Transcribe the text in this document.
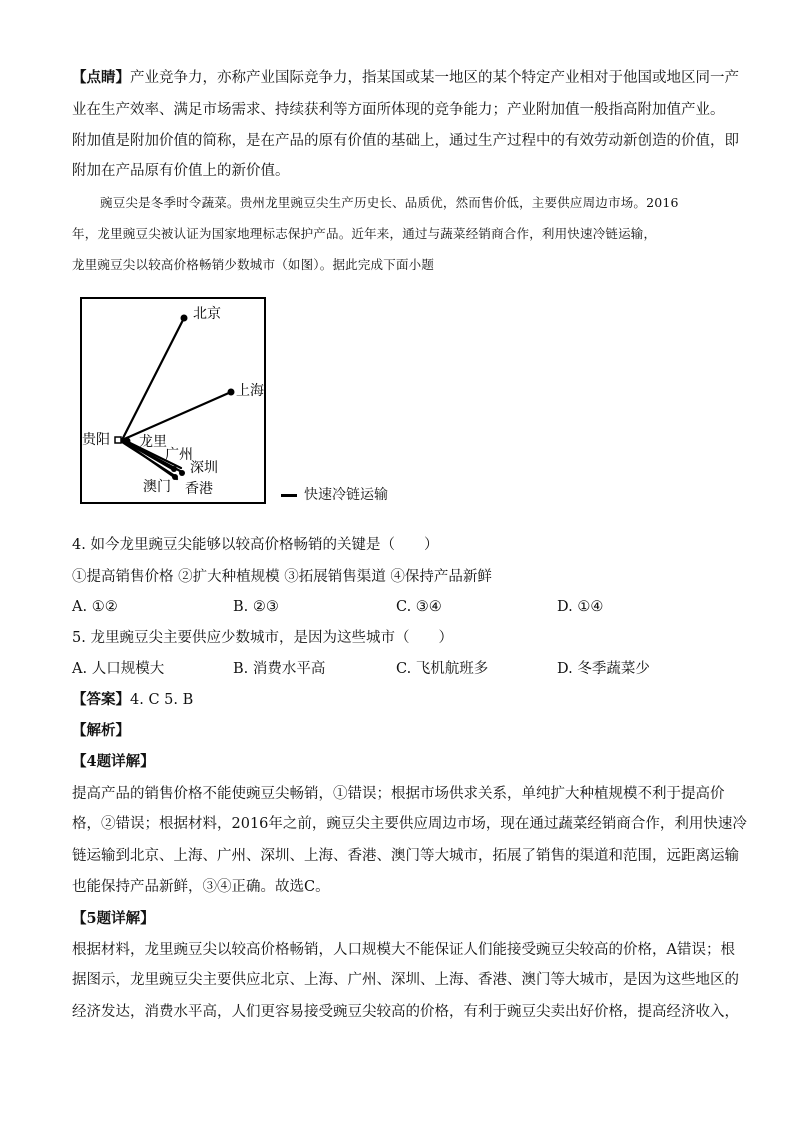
【点睛】产业竞争力，亦称产业国际竞争力，指某国或某一地区的某个特定产业相对于他国或地区同一产
业在生产效率、满足市场需求、持续获利等方面所体现的竞争能力；产业附加值一般指高附加值产业。
附加值是附加价值的简称，是在产品的原有价值的基础上，通过生产过程中的有效劳动新创造的价值，即
附加在产品原有价值上的新价值。
豌豆尖是冬季时令蔬菜。贵州龙里豌豆尖生产历史长、品质优，然而售价低，主要供应周边市场。2016
年，龙里豌豆尖被认证为国家地理标志保护产品。近年来，通过与蔬菜经销商合作，利用快速冷链运输，
龙里豌豆尖以较高价格畅销少数城市（如图）。据此完成下面小题
北京
上海
贵阳 龙里
广州
深圳
澳门 香港	快速冷链运输
4. 如今龙里豌豆尖能够以较高价格畅销的关键是（　　）
①提高销售价格 ②扩大种植规模 ③拓展销售渠道 ④保持产品新鲜
A. ①②	B. ②③	C. ③④	D. ①④
5. 龙里豌豆尖主要供应少数城市，是因为这些城市（　　）
A. 人口规模大	B. 消费水平高	C. 飞机航班多	D. 冬季蔬菜少
【答案】4. C 5. B
【解析】
【4题详解】
提高产品的销售价格不能使豌豆尖畅销，①错误；根据市场供求关系，单纯扩大种植规模不利于提高价
格，②错误；根据材料，2016年之前，豌豆尖主要供应周边市场，现在通过蔬菜经销商合作，利用快速冷
链运输到北京、上海、广州、深圳、上海、香港、澳门等大城市，拓展了销售的渠道和范围，远距离运输
也能保持产品新鲜，③④正确。故选C。
【5题详解】
根据材料，龙里豌豆尖以较高价格畅销，人口规模大不能保证人们能接受豌豆尖较高的价格，A错误；根
据图示，龙里豌豆尖主要供应北京、上海、广州、深圳、上海、香港、澳门等大城市，是因为这些地区的
经济发达，消费水平高，人们更容易接受豌豆尖较高的价格，有利于豌豆尖卖出好价格，提高经济收入，
